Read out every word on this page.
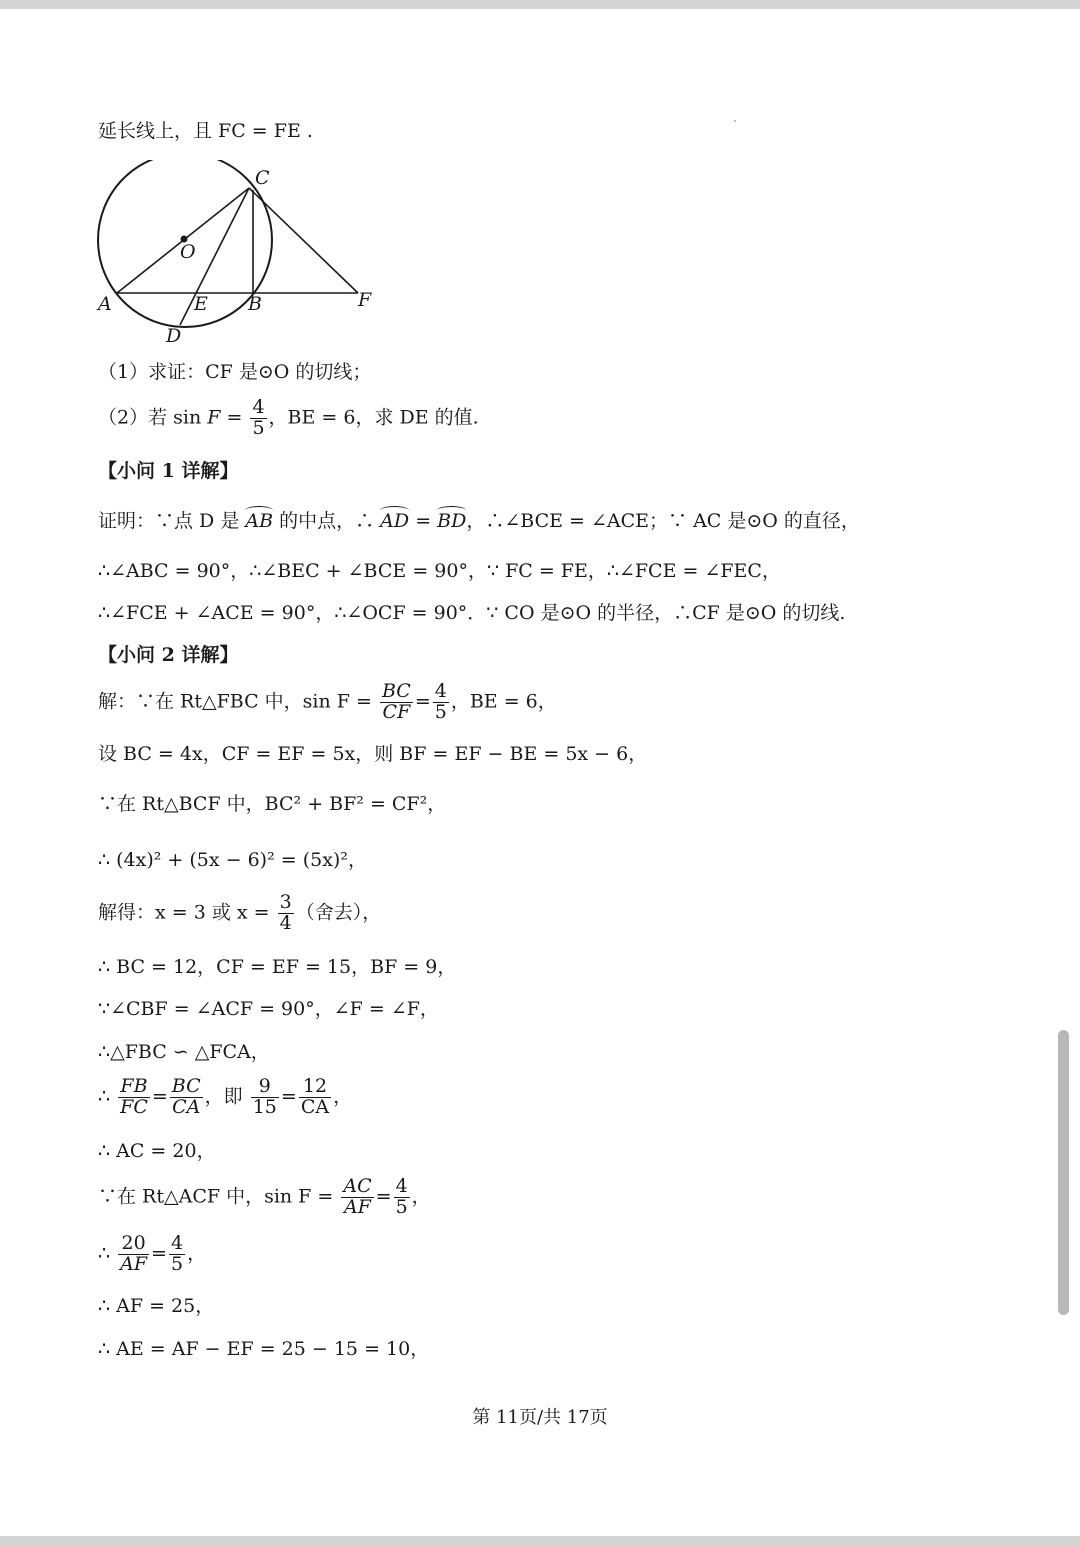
延长线上，且 FC = FE .
C
O
A	E B	F
D
（1）求证：CF 是⊙O 的切线；
（2）若 $\sin F = \frac{4}{5}$ ，BE = 6，求 DE 的值.
【小问 1 详解】
证明：∵点 D 是 AB 的中点，∴ AD = BD，∴∠BCE = ∠ACE；∵ AC 是⊙O 的直径，
∴∠ABC = 90°，∴∠BEC + ∠BCE = 90°，∵ FC = FE，∴∠FCE = ∠FEC，
∴∠FCE + ∠ACE = 90°，∴∠OCF = 90°．∵ CO 是⊙O 的半径，∴CF 是⊙O 的切线.
【小问 2 详解】
解：∵在 Rt△FBC 中，$\sin F = \frac{BC}{CF} = \frac{4}{5}$ ，BE = 6，
设 BC = 4x，CF = EF = 5x，则 BF = EF − BE = 5x − 6，
∵在 Rt△BCF 中，BC² + BF² = CF²，
∴ (4x)² + (5x − 6)² = (5x)²，
解得：x = 3 或 $x = \frac{3}{4}$ （舍去），
∴ BC = 12，CF = EF = 15，BF = 9，
∵∠CBF = ∠ACF = 90°，∠F = ∠F，
∴△FBC ∽ △FCA，
∴ $\frac{FB}{FC} = \frac{BC}{CA}$ ，即 $\frac{9}{15} = \frac{12}{CA}$ ，
∴ AC = 20，
∵在 Rt△ACF 中，$\sin F = \frac{AC}{AF} = \frac{4}{5}$ ，
∴ $\frac{20}{AF} = \frac{4}{5}$ ，
∴ AF = 25，
∴ AE = AF − EF = 25 − 15 = 10，
第 11页/共 17页
